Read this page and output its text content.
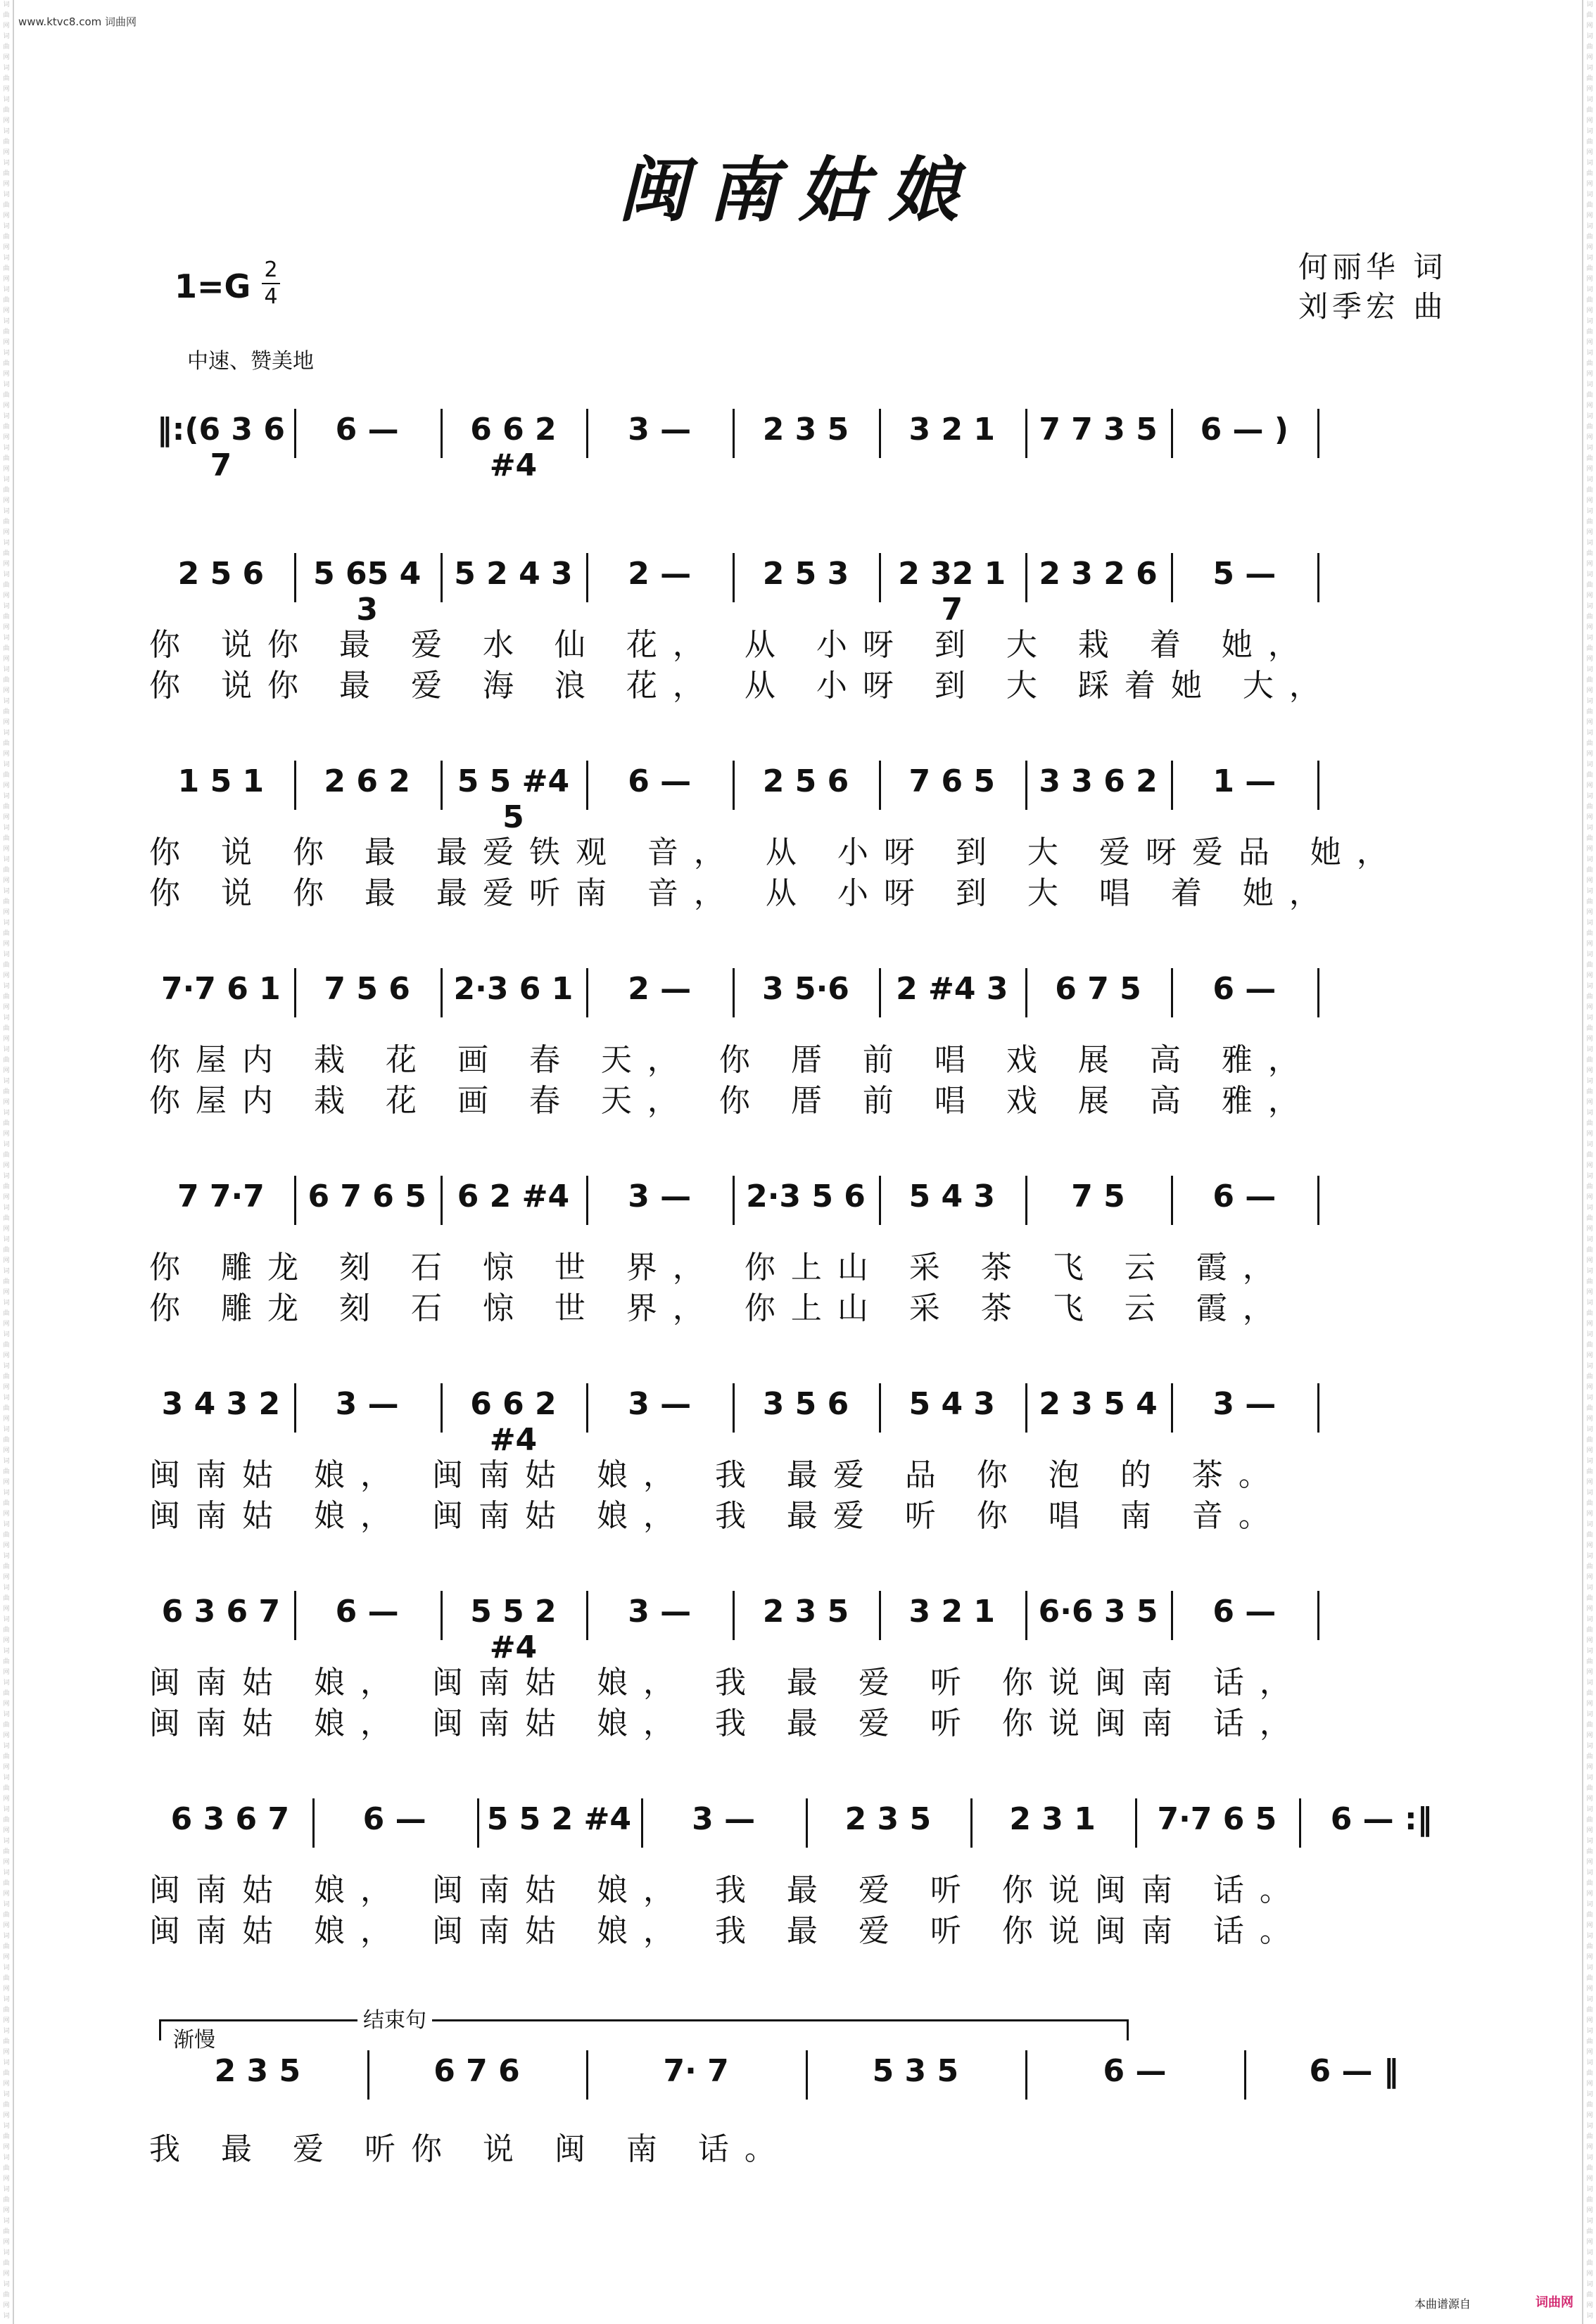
词
曲
网
词
曲
网
词
曲
网
词
曲
网
词
曲
网
词
曲
网
词
曲
网
词
曲
网
词
曲
网
词
曲
网
词
曲
网
词
曲
网
词
曲
网
词
曲
网
词
曲
网
词
曲
网
词
曲
网
词
曲
网
词
曲
网
词
曲
网
词
曲
网
词
曲
网
词
曲
网
词
曲
网
词
曲
网
词
曲
网
词
曲
网
词
曲
网
词
曲
网
词
曲
网
词
曲
网
词
曲
网
词
曲
网
词
曲
网
词
曲
网
词
曲
网
词
曲
网
词
曲
网
词
曲
网
词
曲
网
词
曲
网
词
曲
网
词
曲
网
词
曲
网
词
曲
网
词
曲
网
词
曲
网
词
曲
网
词
曲
网
词
曲
网
词
曲
网
词
曲
网
词
曲
网
词
曲
网
词
曲
网
词
曲
网
词
曲
网
词
曲
网
词
曲
网
词
曲
网
词
曲
网
词
曲
网
词
曲
网
词
曲
网
词
曲
网
词
曲
网
词
曲
网
词
曲
网
词
曲
网
词
曲
网
词
曲
网
词
曲
网
词
曲
网
词

词
曲
网
词
曲
网
词
曲
网
词
曲
网
词
曲
网
词
曲
网
词
曲
网
词
曲
网
词
曲
网
词
曲
网
词
曲
网
词
曲
网
词
曲
网
词
曲
网
词
曲
网
词
曲
网
词
曲
网
词
曲
网
词
曲
网
词
曲
网
词
曲
网
词
曲
网
词
曲
网
词
曲
网
词
曲
网
词
曲
网
词
曲
网
词
曲
网
词
曲
网
词
曲
网
词
曲
网
词
曲
网
词
曲
网
词
曲
网
词
曲
网
词
曲
网
词
曲
网
词
曲
网
词
曲
网
词
曲
网
词
曲
网
词
曲
网
词
曲
网
词
曲
网
词
曲
网
词
曲
网
词
曲
网
词
曲
网
词
曲
网
词
曲
网
词
曲
网
词
曲
网
词
曲
网
词
曲
网
词
曲
网
词
曲
网
词
曲
网
词
曲
网
词
曲
网
词
曲
网
词
曲
网
词
曲
网
词
曲
网
词
曲
网
词
曲
网
词
曲
网
词
曲
网
词
曲
网
词
曲
网
词
曲
网
词
曲
网
词
曲
网
词
曲
网
词

www.ktvc8.com 词曲网
闽南姑娘
1=G 2
4
中速、赞美地
何丽华 词
刘季宏 曲
‖:(6 3 6 7
6 —	6 6 2 #4
3 —	2 3 5	3 2 1	7 7 3 5	6 — )
2 5 6	5 65 4 3
5 2 4 3	2 —	2 5 3	2 32 1 7
2 3 2 6	5 —
你 说你 最 爱 水 仙 花， 从 小呀 到 大 栽 着 她，
你 说你 最 爱 海 浪 花， 从 小呀 到 大 踩着她 大，
1 5 1	2 6 2	5 5 #4 5
6 —	2 5 6	7 6 5	3 3 6 2	1 —
你 说 你 最 最爱铁观 音， 从 小呀 到 大 爱呀爱品 她，
你 说 你 最 最爱听南 音， 从 小呀 到 大 唱 着 她，
7·7 6 1	7 5 6	2·3 6 1	2 —	3 5·6	2 #4 3	6 7 5	6 —
你屋内 栽 花 画 春 天， 你 厝 前 唱 戏 展 高 雅，
你屋内 栽 花 画 春 天， 你 厝 前 唱 戏 展 高 雅，
7 7·7	6 7 6 5 6 2 #4	3 —	2·3 5 6	5 4 3	7 5	6 —
你 雕龙 刻 石 惊 世 界， 你上山 采 茶 飞 云 霞，
你 雕龙 刻 石 惊 世 界， 你上山 采 茶 飞 云 霞，
3 4 3 2	3 —	6 6 2 #4
3 —	3 5 6	5 4 3	2 3 5 4	3 —
闽南姑 娘， 闽南姑 娘， 我 最爱 品 你 泡 的 茶。
闽南姑 娘， 闽南姑 娘， 我 最爱 听 你 唱 南 音。
6 3 6 7	6 —	5 5 2 #4
3 —	2 3 5	3 2 1	6·6 3 5	6 —
闽南姑 娘， 闽南姑 娘， 我 最 爱 听 你说闽南 话，
闽南姑 娘， 闽南姑 娘， 我 最 爱 听 你说闽南 话，
6 3 6 7	6 —	5 5 2 #4	3 —	2 3 5	2 3 1	7·7 6 5	6 — :‖
闽南姑 娘， 闽南姑 娘， 我 最 爱 听 你说闽南 话。
闽南姑 娘， 闽南姑 娘， 我 最 爱 听 你说闽南 话。
2 3 5	6 7 6	7· 7	5 3 5	6 —	6 — ‖
我 最 爱 听你 说 闽 南 话。
渐慢
结束句
本曲谱源自	词曲网
